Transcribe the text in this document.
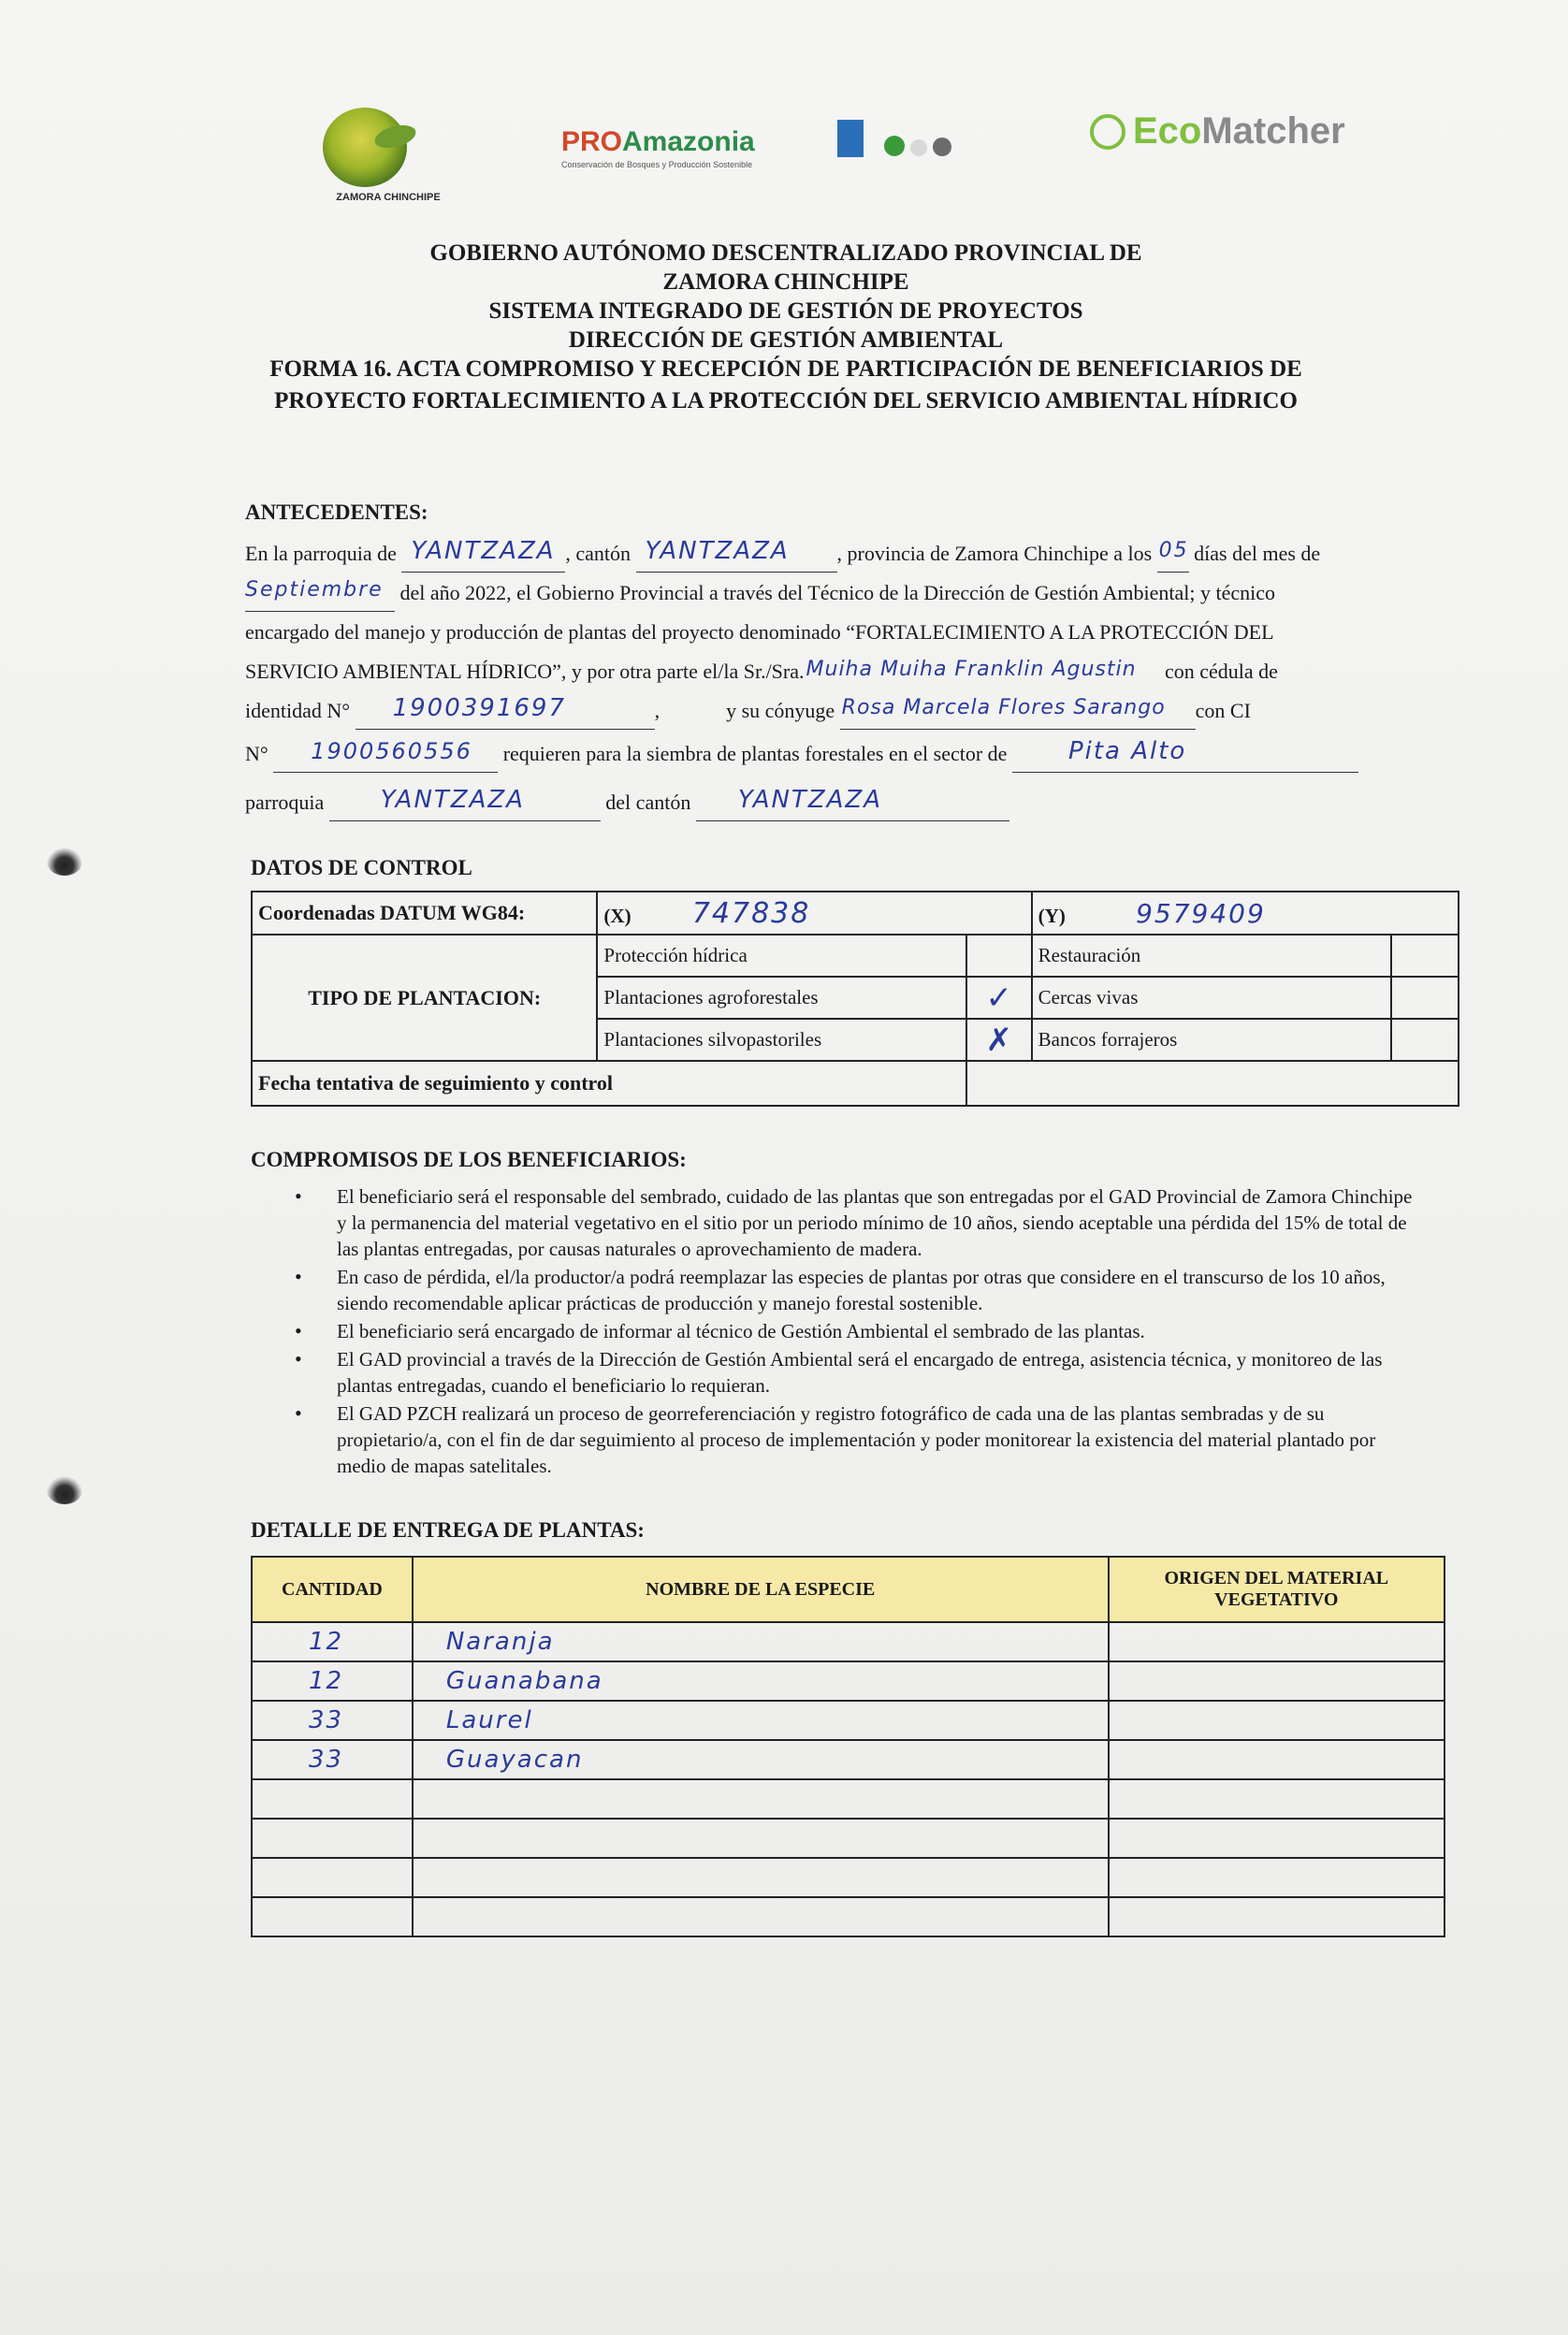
ZAMORA CHINCHIPE
PROAmazonia
Conservación de Bosques y Producción Sostenible
EcoMatcher
GOBIERNO AUTÓNOMO DESCENTRALIZADO PROVINCIAL DE
ZAMORA CHINCHIPE
SISTEMA INTEGRADO DE GESTIÓN DE PROYECTOS
DIRECCIÓN DE GESTIÓN AMBIENTAL
FORMA 16. ACTA COMPROMISO Y RECEPCIÓN DE PARTICIPACIÓN DE BENEFICIARIOS DE
PROYECTO FORTALECIMIENTO A LA PROTECCIÓN DEL SERVICIO AMBIENTAL HÍDRICO
ANTECEDENTES:
En la parroquia de YANTZAZA , cantón YANTZAZA , provincia de Zamora Chinchipe a los 05 días del mes de
Septiembre del año 2022, el Gobierno Provincial a través del Técnico de la Dirección de Gestión Ambiental; y técnico
encargado del manejo y producción de plantas del proyecto denominado “FORTALECIMIENTO A LA PROTECCIÓN DEL
SERVICIO AMBIENTAL HÍDRICO”, y por otra parte el/la Sr./Sra. Muiha Muiha Franklin Agustin con cédula de
identidad N° 1900391697	,	y su cónyuge Rosa Marcela Flores Sarango con CI
N° 1900560556 requieren para la siembra de plantas forestales en el sector de	Pita Alto
parroquia YANTZAZA	del cantón YANTZAZA
DATOS DE CONTROL
Coordenadas DATUM WG84:	(X) 747838		(Y) 9579409	
TIPO DE PLANTACION:	Protección hídrica		Restauración	
	Plantaciones agroforestales	✓	Cercas vivas	
	Plantaciones silvopastoriles	✗	Bancos forrajeros	
Fecha tentativa de seguimiento y control				
COMPROMISOS DE LOS BENEFICIARIOS:
• El beneficiario será el responsable del sembrado, cuidado de las plantas que son entregadas por el GAD Provincial de Zamora Chinchipe y la permanencia del material vegetativo en el sitio por un periodo mínimo de 10 años, siendo aceptable una pérdida del 15% de total de las plantas entregadas, por causas naturales o aprovechamiento de madera.
• En caso de pérdida, el/la productor/a podrá reemplazar las especies de plantas por otras que considere en el transcurso de los 10 años, siendo recomendable aplicar prácticas de producción y manejo forestal sostenible.
• El beneficiario será encargado de informar al técnico de Gestión Ambiental el sembrado de las plantas.
• El GAD provincial a través de la Dirección de Gestión Ambiental será el encargado de entrega, asistencia técnica, y monitoreo de las plantas entregadas, cuando el beneficiario lo requieran.
• El GAD PZCH realizará un proceso de georreferenciación y registro fotográfico de cada una de las plantas sembradas y de su propietario/a, con el fin de dar seguimiento al proceso de implementación y poder monitorear la existencia del material plantado por medio de mapas satelitales.
DETALLE DE ENTREGA DE PLANTAS:
CANTIDAD	NOMBRE DE LA ESPECIE	ORIGEN DEL MATERIAL VEGETATIVO
12	Naranja	
12	Guanabana	
33	Laurel	
33	Guayacan	
